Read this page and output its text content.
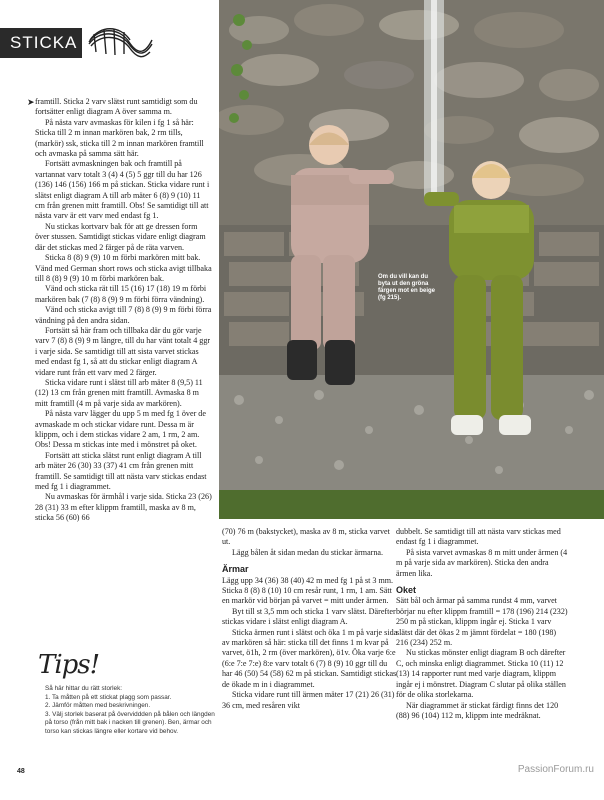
STICKA
➤ framtill. Sticka 2 varv slätst runt samtidigt som du fortsätter enligt diagram A över samma m.

På nästa varv avmaskas för kilen i fg 1 så här: Sticka till 2 m innan markören bak, 2 rm tills, (markör) ssk, sticka till 2 m innan markören framtill och avmaska på samma sätt här.

Fortsätt avmaskningen bak och framtill på vartannat varv totalt 3 (4) 4 (5) 5 ggr till du har 126 (136) 146 (156) 166 m på stickan. Sticka vidare runt i slätst enligt diagram A till arb mäter 6 (8) 9 (10) 11 cm från grenen mitt framtill. Obs! Se samtidigt till att nästa varv är ett varv med endast fg 1.

Nu stickas kortvarv bak för att ge dressen form över stussen. Samtidigt stickas vidare enligt diagram där det stickas med 2 färger på de räta varven.

Sticka 8 (8) 9 (9) 10 m förbi markören mitt bak. Vänd med German short rows och sticka avigt tillbaka till 8 (8) 9 (9) 10 m förbi markören bak.

Vänd och sticka rät till 15 (16) 17 (18) 19 m förbi markören bak (7 (8) 8 (9) 9 m förbi förra vändning).

Vänd och sticka avigt till 7 (8) 8 (9) 9 m förbi förra vändning på den andra sidan.

Fortsätt så här fram och tillbaka där du gör varje varv 7 (8) 8 (9) 9 m längre, till du har vänt totalt 4 ggr i varje sida. Se samtidigt till att sista varvet stickas med endast fg 1, så att du stickar enligt diagram A vidare runt från ett varv med 2 färger.

Sticka vidare runt i slätst till arb mäter 8 (9,5) 11 (12) 13 cm från grenen mitt framtill. Avmaska 8 m mitt framtill (4 m på varje sida av markören).

På nästa varv lägger du upp 5 m med fg 1 över de avmaskade m och stickar vidare runt. Dessa m är klippm, och i dem stickas vidare 2 am, 1 rm, 2 am. Obs! Dessa m stickas inte med i mönstret på oket.

Fortsätt att sticka slätst runt enligt diagram A till arb mäter 26 (30) 33 (37) 41 cm från grenen mitt framtill. Se samtidigt till att nästa varv stickas endast med fg 1 i diagrammet.

Nu avmaskas för ärmhål i varje sida. Sticka 23 (26) 28 (31) 33 m efter klippm framtill, maska av 8 m, sticka 56 (60) 66

Om du vill kan du byta ut den gröna färgen mot en beige (fg 215).

(70) 76 m (bakstycket), maska av 8 m, sticka varvet ut.

Lägg bålen åt sidan medan du stickar ärmarna.

Ärmar

Lägg upp 34 (36) 38 (40) 42 m med fg 1 på st 3 mm. Sticka 8 (8) 8 (10) 10 cm resår runt, 1 rm, 1 am. Sätt en markör vid början på varvet = mitt under ärmen.

Byt till st 3,5 mm och sticka 1 varv slätst. Därefter stickas vidare i slätst enligt diagram A.

Sticka ärmen runt i slätst och öka 1 m på varje sida av markören så här: sticka till det finns 1 m kvar på varvet, ö1h, 2 rm (över markören), ö1v. Öka varje 6:e (6:e 7:e 7:e) 8:e varv totalt 6 (7) 8 (9) 10 ggr till du har 46 (50) 54 (58) 62 m på stickan. Samtidigt stickas de ökade m in i diagrammet.

Sticka vidare runt till ärmen mäter 17 (21) 26 (31) 36 cm, med resåren vikt

dubbelt. Se samtidigt till att nästa varv stickas med endast fg 1 i diagrammet.

På sista varvet avmaskas 8 m mitt under ärmen (4 m på varje sida av markören). Sticka den andra ärmen lika.

Oket

Sätt bål och ärmar på samma rundst 4 mm, varvet börjar nu efter klippm framtill = 178 (196) 214 (232) 250 m på stickan, klippm ingår ej. Sticka 1 varv slätst där det ökas 2 m jämnt fördelat = 180 (198) 216 (234) 252 m.

Nu stickas mönster enligt diagram B och därefter C, och minska enligt diagrammet. Sticka 10 (11) 12 (13) 14 rapporter runt med varje diagram, klippm ingår ej i mönstret. Diagram C slutar på olika ställen för de olika storlekarna.

När diagrammet är stickat färdigt finns det 120 (88) 96 (104) 112 m, klippm inte medräknat.

Tips!
Så här hittar du rätt storlek:
1. Ta måtten på ett stickat plagg som passar.
2. Jämför måtten med beskrivningen.
3. Välj storlek baserat på överviddden på bålen och längden på torso (från mitt bak i nacken till grenen). Ben, ärmar och torso kan stickas längre eller kortare vid behov.
48	PassionForum.ru
